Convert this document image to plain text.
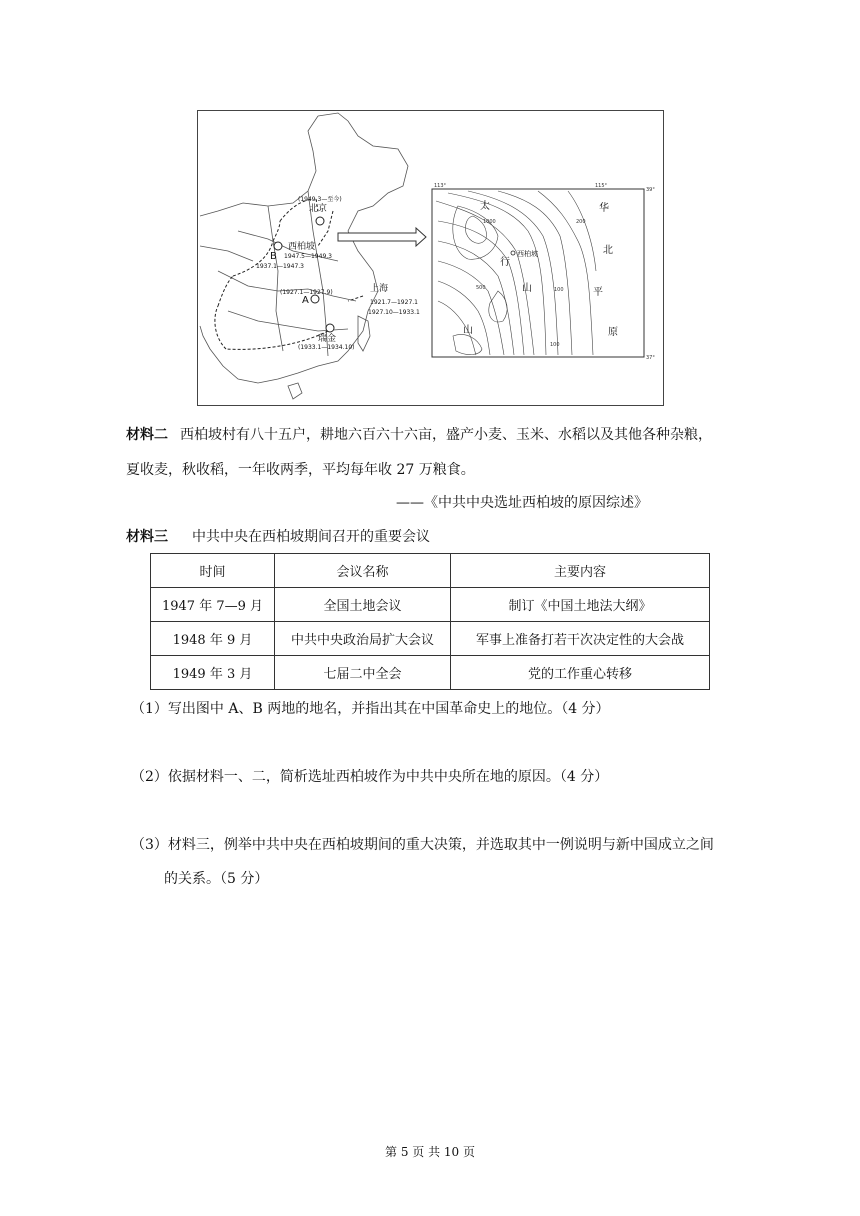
(1949.3—至今)
北京
西柏坡
1947.5—1949.3
B
1937.1—1947.3
(1927.1—1927.9)
A
上海
1921.7—1927.1
1927.10—1933.1
瑞金
(1933.1—1934.10)
113°	115°
39°
37°
1000	200
100
100
500
太
行
山
山
华
北
平
原
西柏坡
材料二 西柏坡村有八十五户，耕地六百六十六亩，盛产小麦、玉米、水稻以及其他各种杂粮，
夏收麦，秋收稻，一年收两季，平均每年收 27 万粮食。
——《中共中央选址西柏坡的原因综述》
材料三 中共中央在西柏坡期间召开的重要会议
时间	会议名称	主要内容
1947 年 7—9 月	全国土地会议	制订《中国土地法大纲》
1948 年 9 月	中共中央政治局扩大会议	军事上准备打若干次决定性的大会战
1949 年 3 月	七届二中全会	党的工作重心转移
（1）写出图中 A、B 两地的地名，并指出其在中国革命史上的地位。（4 分）
（2）依据材料一、二，简析选址西柏坡作为中共中央所在地的原因。（4 分）
（3）材料三，例举中共中央在西柏坡期间的重大决策，并选取其中一例说明与新中国成立之间
的关系。（5 分）
第 5 页 共 10 页
